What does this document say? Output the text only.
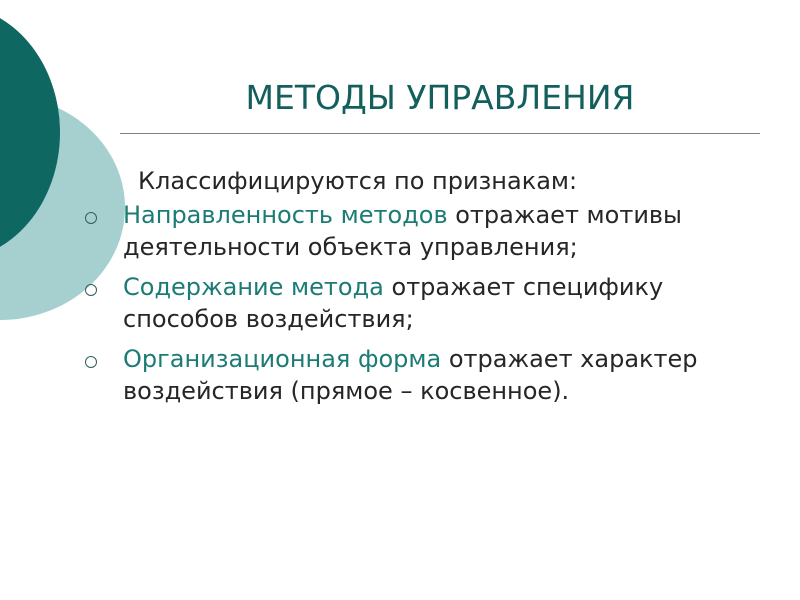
МЕТОДЫ УПРАВЛЕНИЯ

Классифицируются по признакам:

Направленность методов отражает мотивы деятельности объекта управления;
Содержание метода отражает специфику способов воздействия;
Организационная форма отражает характер воздействия (прямое – косвенное).
